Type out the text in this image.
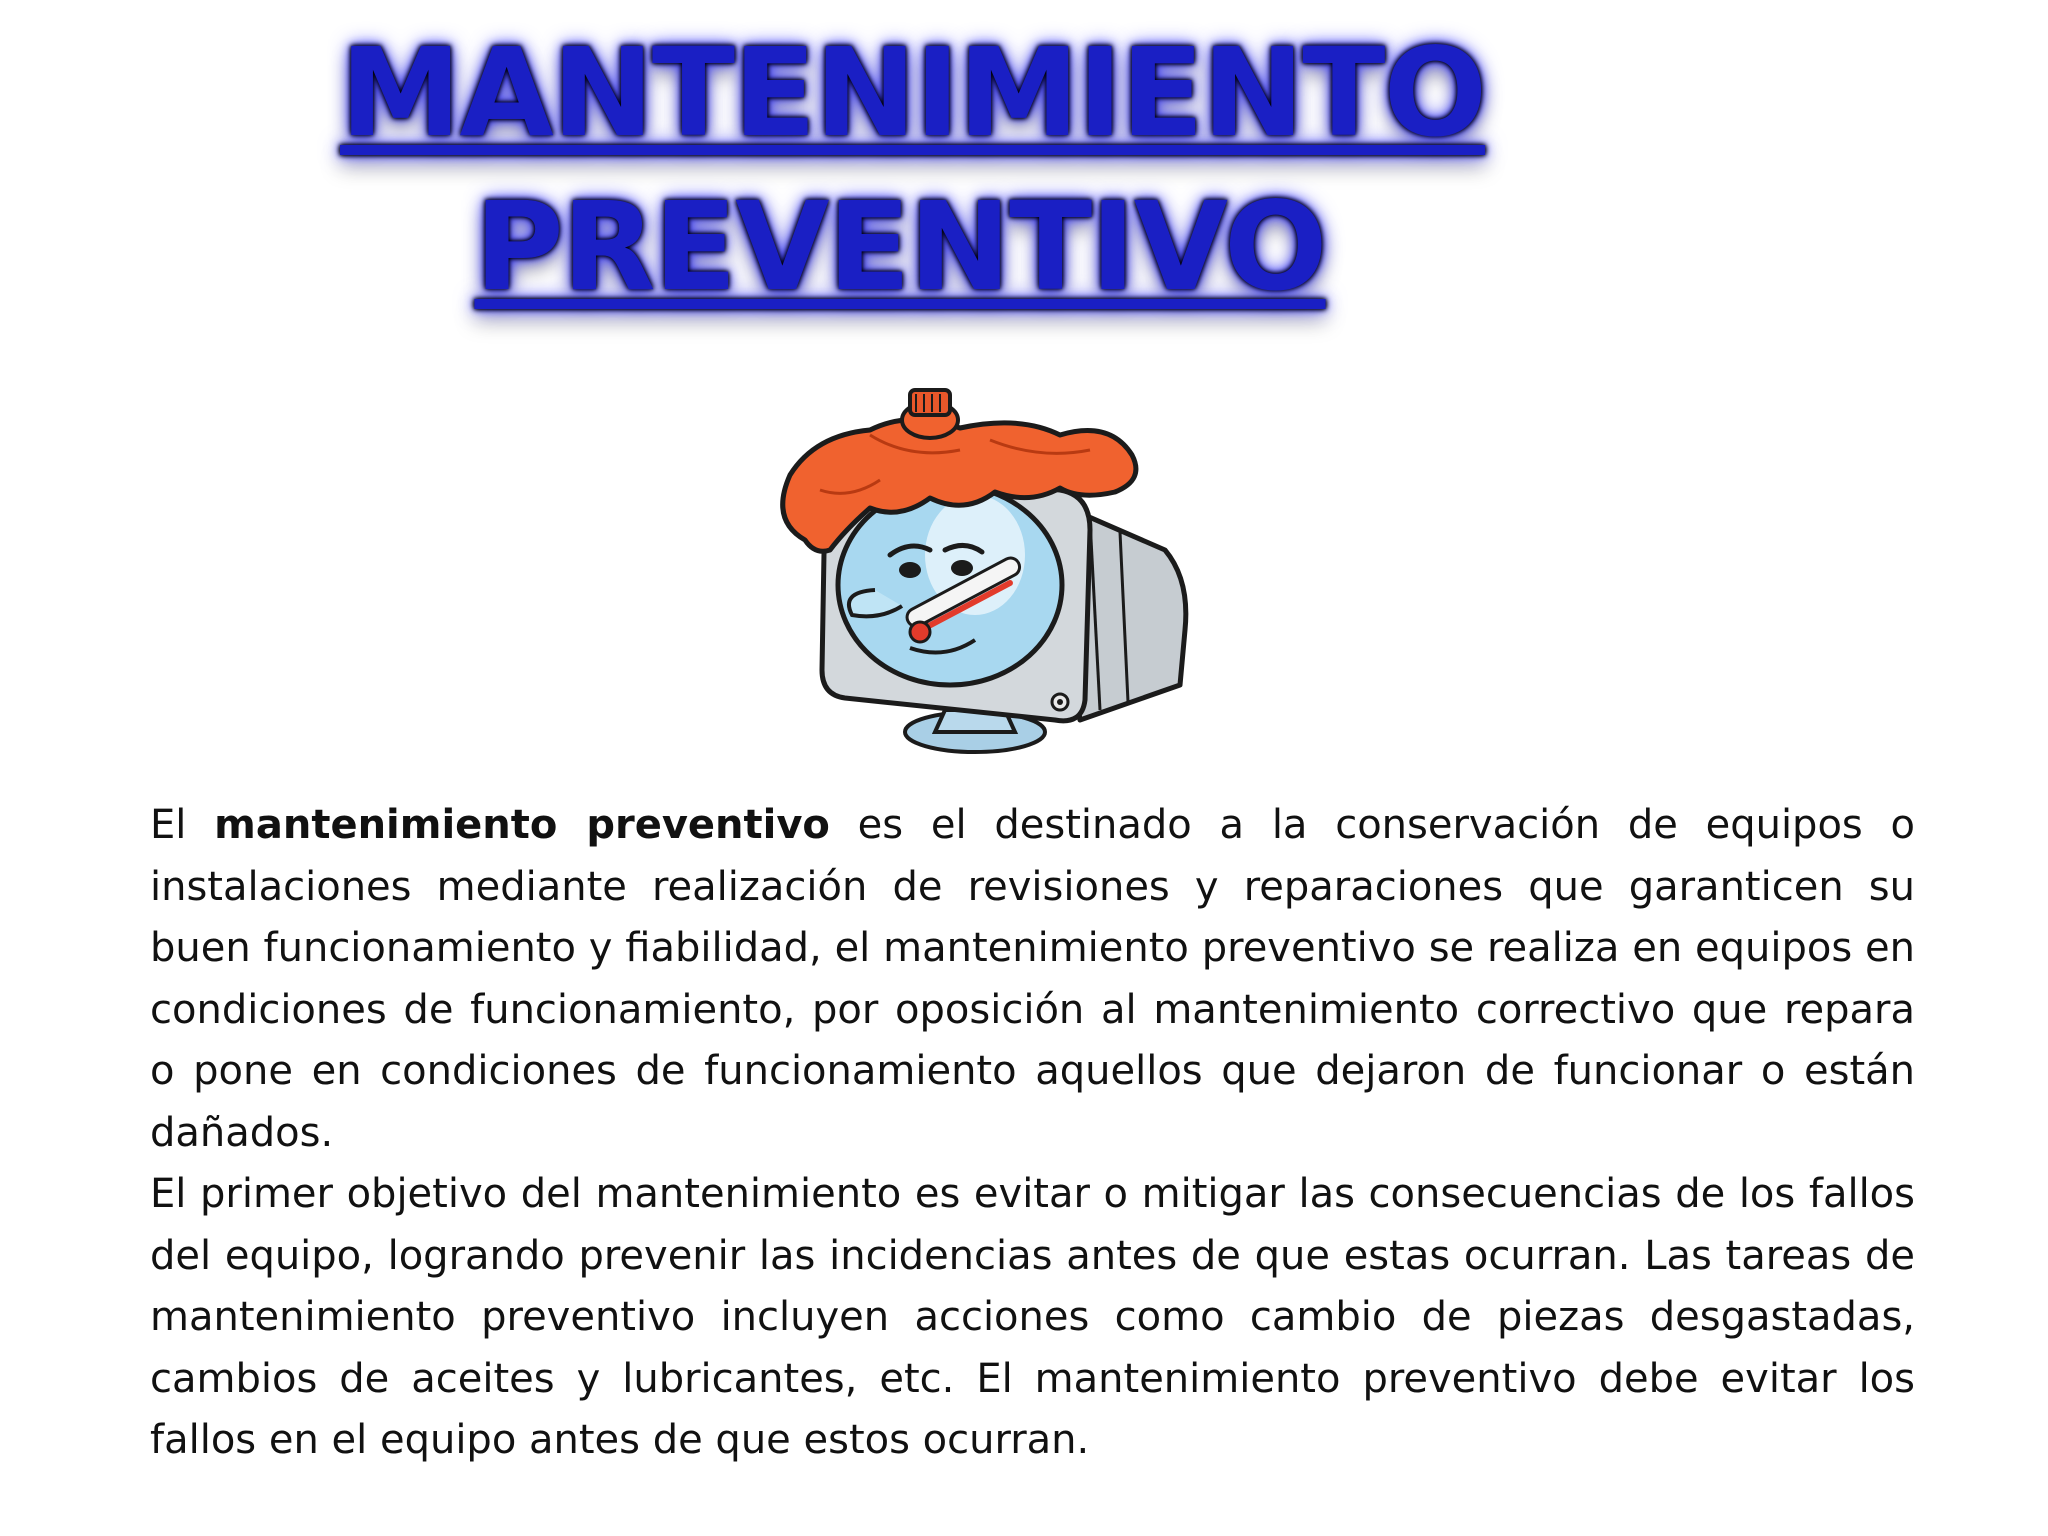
MANTENIMIENTO
PREVENTIVO

El mantenimiento preventivo es el destinado a la conservación de equipos o instalaciones mediante realización de revisiones y reparaciones que garanticen su buen funcionamiento y fiabilidad, el mantenimiento preventivo se realiza en equipos en condiciones de funcionamiento, por oposición al mantenimiento correctivo que repara o pone en condiciones de funcionamiento aquellos que dejaron de funcionar o están dañados.

El primer objetivo del mantenimiento es evitar o mitigar las consecuencias de los fallos del equipo, logrando prevenir las incidencias antes de que estas ocurran. Las tareas de mantenimiento preventivo incluyen acciones como cambio de piezas desgastadas, cambios de aceites y lubricantes, etc. El mantenimiento preventivo debe evitar los fallos en el equipo antes de que estos ocurran.
